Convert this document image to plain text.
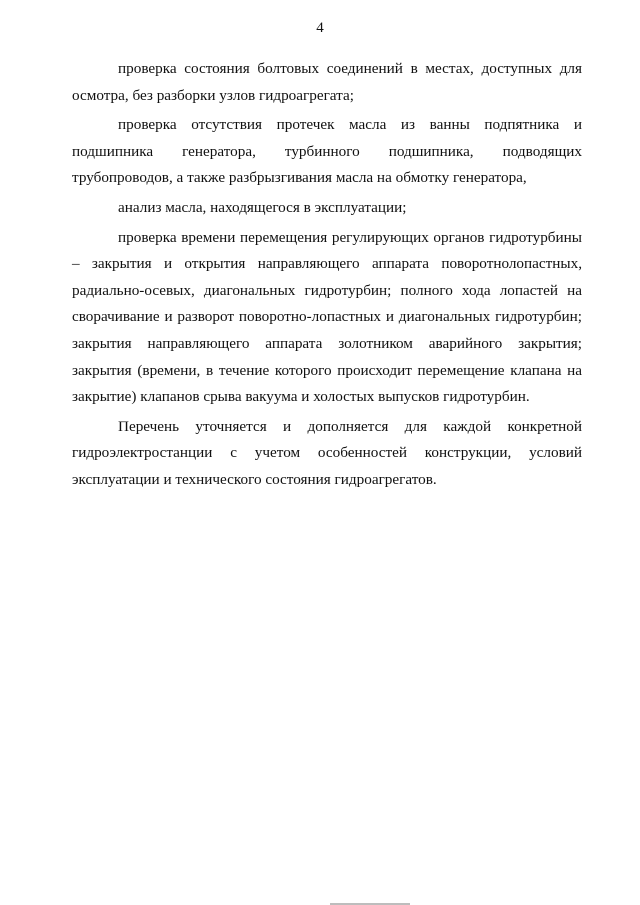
4

проверка состояния болтовых соединений в местах, доступных для осмотра, без разборки узлов гидроагрегата;

проверка отсутствия протечек масла из ванны подпятника и подшипника генератора, турбинного подшипника, подводящих трубопроводов, а также разбрызгивания масла на обмотку генератора,

анализ масла, находящегося в эксплуатации;

проверка времени перемещения регулирующих органов гидротурбины – закрытия и открытия направляющего аппарата поворотнолопастных, радиально-осевых, диагональных гидротурбин; полного хода лопастей на сворачивание и разворот поворотно-лопастных и диагональных гидротурбин; закрытия направляющего аппарата золотником аварийного закрытия; закрытия (времени, в течение которого происходит перемещение клапана на закрытие) клапанов срыва вакуума и холостых выпусков гидротурбин.

Перечень уточняется и дополняется для каждой конкретной гидроэлектростанции с учетом особенностей конструкции, условий эксплуатации и технического состояния гидроагрегатов.
